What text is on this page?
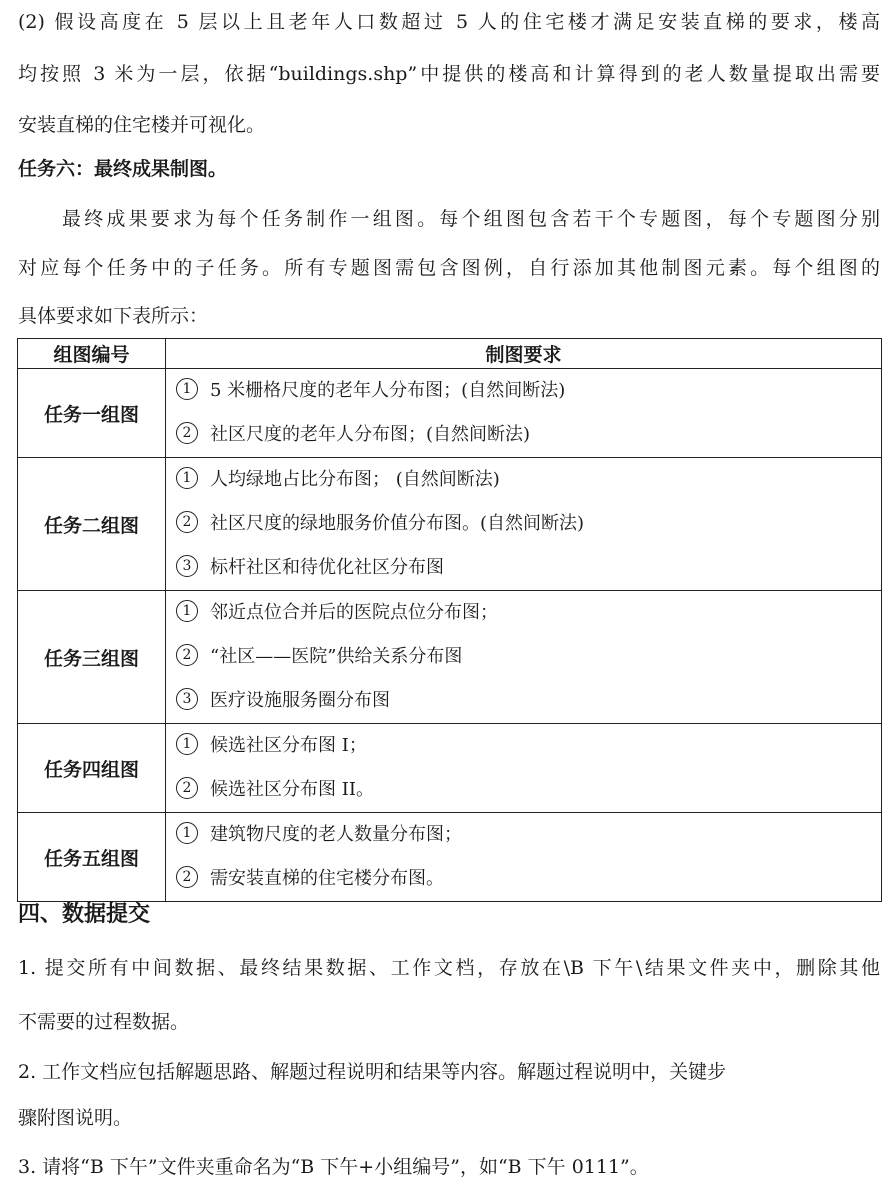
(2) 假设高度在 5 层以上且老年人口数超过 5 人的住宅楼才满足安装直梯的要求，楼高
均按照 3 米为一层，依据“buildings.shp”中提供的楼高和计算得到的老人数量提取出需要
安装直梯的住宅楼并可视化。
任务六：最终成果制图。
最终成果要求为每个任务制作一组图。每个组图包含若干个专题图，每个专题图分别
对应每个任务中的子任务。所有专题图需包含图例，自行添加其他制图元素。每个组图的
具体要求如下表所示：
组图编号	制图要求
任务一组图	1 5 米栅格尺度的老年人分布图；(自然间断法)
2 社区尺度的老年人分布图；(自然间断法)

任务二组图	1 人均绿地占比分布图； (自然间断法)
2 社区尺度的绿地服务价值分布图。(自然间断法)
3 标杆社区和待优化社区分布图

任务三组图	1 邻近点位合并后的医院点位分布图；
2 “社区——医院”供给关系分布图
3 医疗设施服务圈分布图

任务四组图	1 候选社区分布图 I；
2 候选社区分布图 II。

任务五组图	1 建筑物尺度的老人数量分布图；
2 需安装直梯的住宅楼分布图。
四、数据提交
1. 提交所有中间数据、最终结果数据、工作文档，存放在\B 下午\结果文件夹中，删除其他
不需要的过程数据。
2. 工作文档应包括解题思路、解题过程说明和结果等内容。解题过程说明中，关键步
骤附图说明。
3. 请将“B 下午”文件夹重命名为“B 下午+小组编号”，如“B 下午 0111”。
